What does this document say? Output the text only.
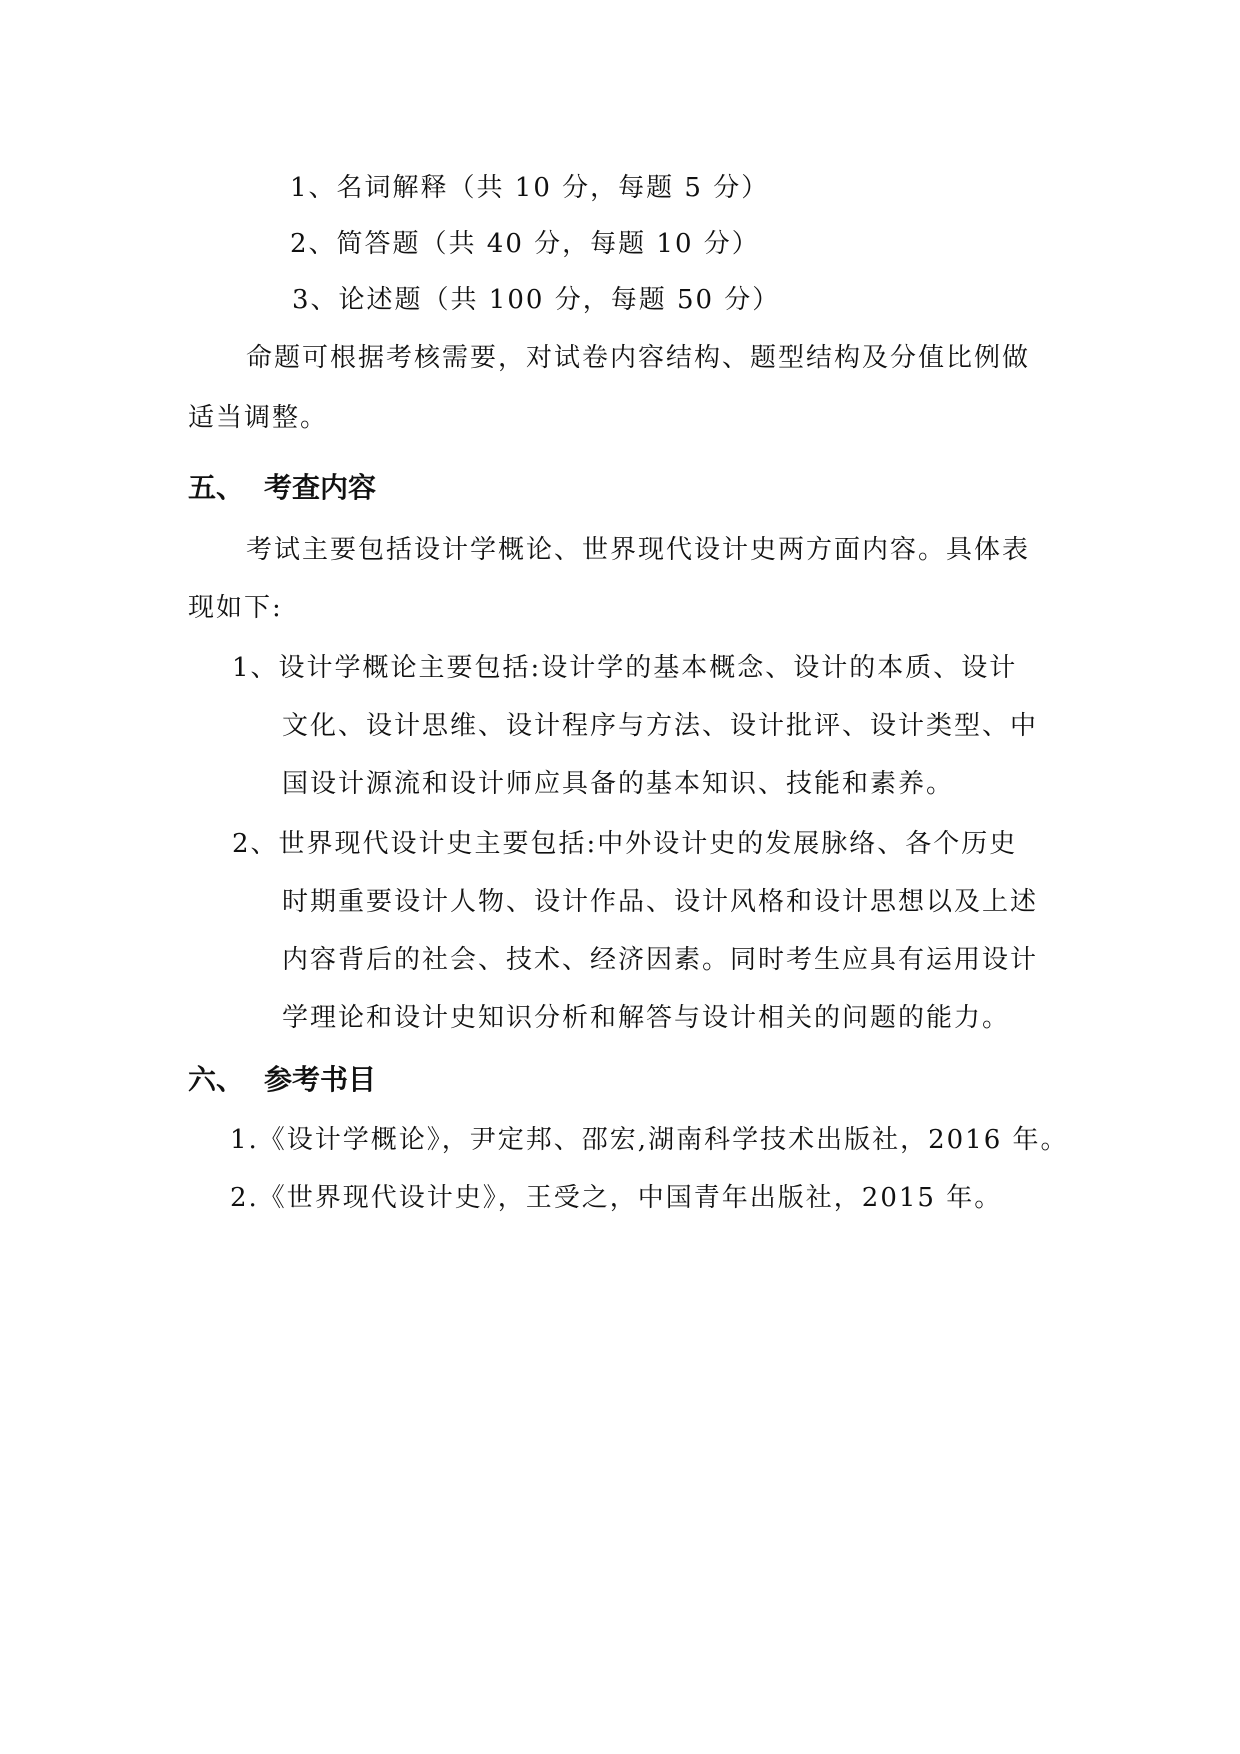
1、名词解释（共 10 分，每题 5 分）
2、简答题（共 40 分，每题 10 分）
3、论述题（共 100 分，每题 50 分）
命题可根据考核需要，对试卷内容结构、题型结构及分值比例做
适当调整。
五、 考查内容
考试主要包括设计学概论、世界现代设计史两方面内容。具体表
现如下:
1、设计学概论主要包括:设计学的基本概念、设计的本质、设计
文化、设计思维、设计程序与方法、设计批评、设计类型、中
国设计源流和设计师应具备的基本知识、技能和素养。
2、世界现代设计史主要包括:中外设计史的发展脉络、各个历史
时期重要设计人物、设计作品、设计风格和设计思想以及上述
内容背后的社会、技术、经济因素。同时考生应具有运用设计
学理论和设计史知识分析和解答与设计相关的问题的能力。
六、 参考书目
1.《设计学概论》，尹定邦、邵宏,湖南科学技术出版社，2016 年。
2.《世界现代设计史》，王受之，中国青年出版社，2015 年。
